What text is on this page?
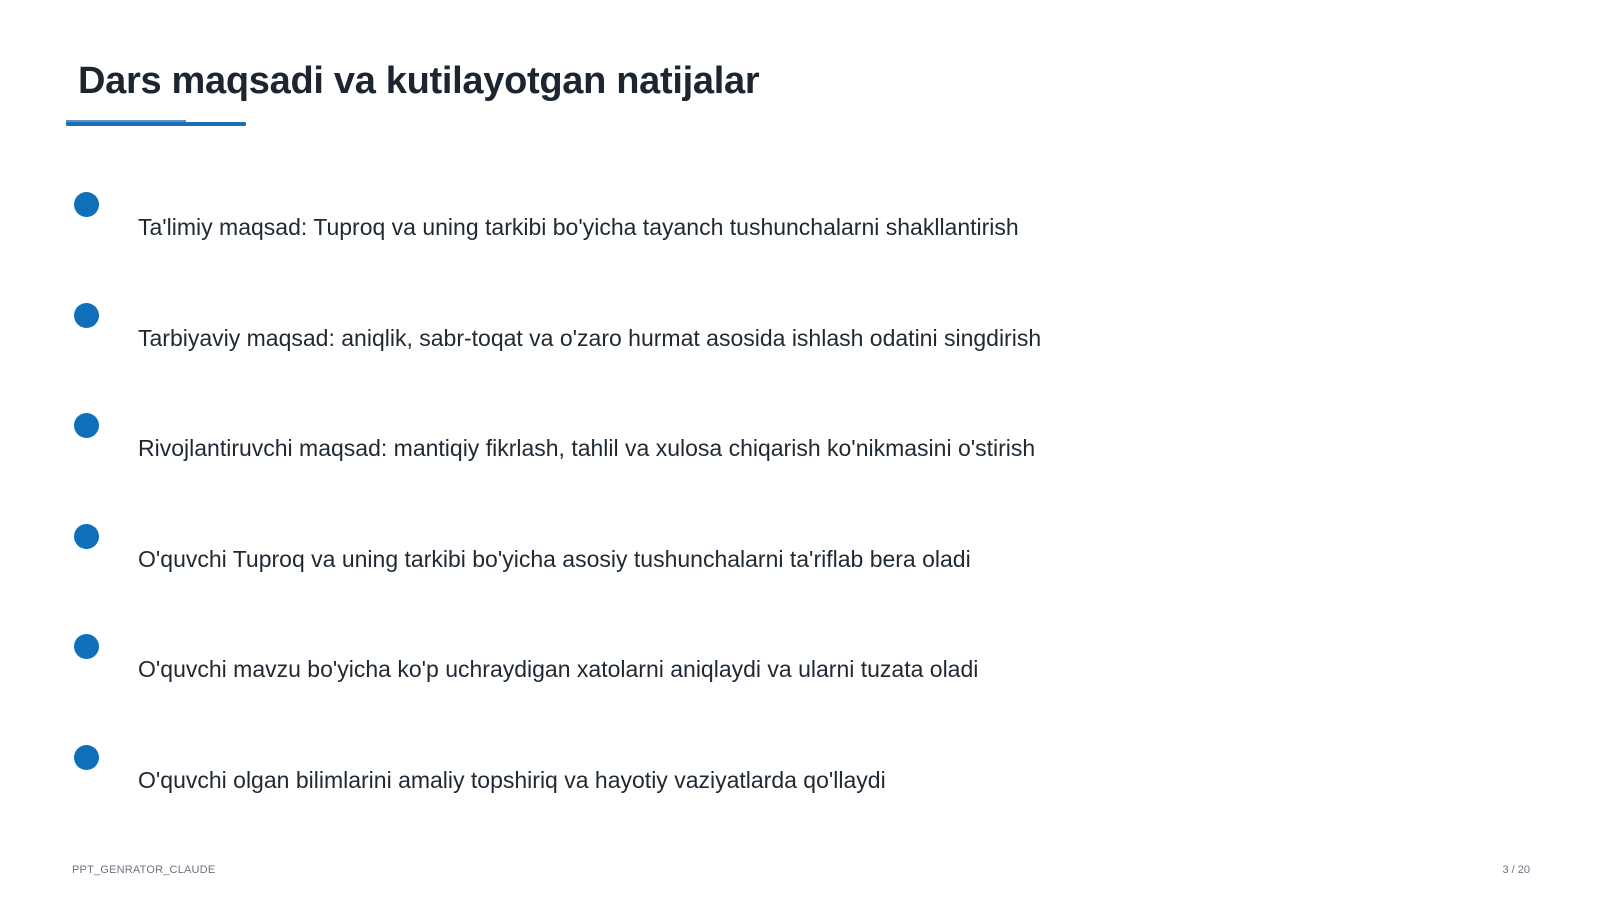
Dars maqsadi va kutilayotgan natijalar
Ta'limiy maqsad: Tuproq va uning tarkibi bo'yicha tayanch tushunchalarni shakllantirish
Tarbiyaviy maqsad: aniqlik, sabr-toqat va o'zaro hurmat asosida ishlash odatini singdirish
Rivojlantiruvchi maqsad: mantiqiy fikrlash, tahlil va xulosa chiqarish ko'nikmasini o'stirish
O'quvchi Tuproq va uning tarkibi bo'yicha asosiy tushunchalarni ta'riflab bera oladi
O'quvchi mavzu bo'yicha ko'p uchraydigan xatolarni aniqlaydi va ularni tuzata oladi
O'quvchi olgan bilimlarini amaliy topshiriq va hayotiy vaziyatlarda qo'llaydi
PPT_GENRATOR_CLAUDE	3 / 20
